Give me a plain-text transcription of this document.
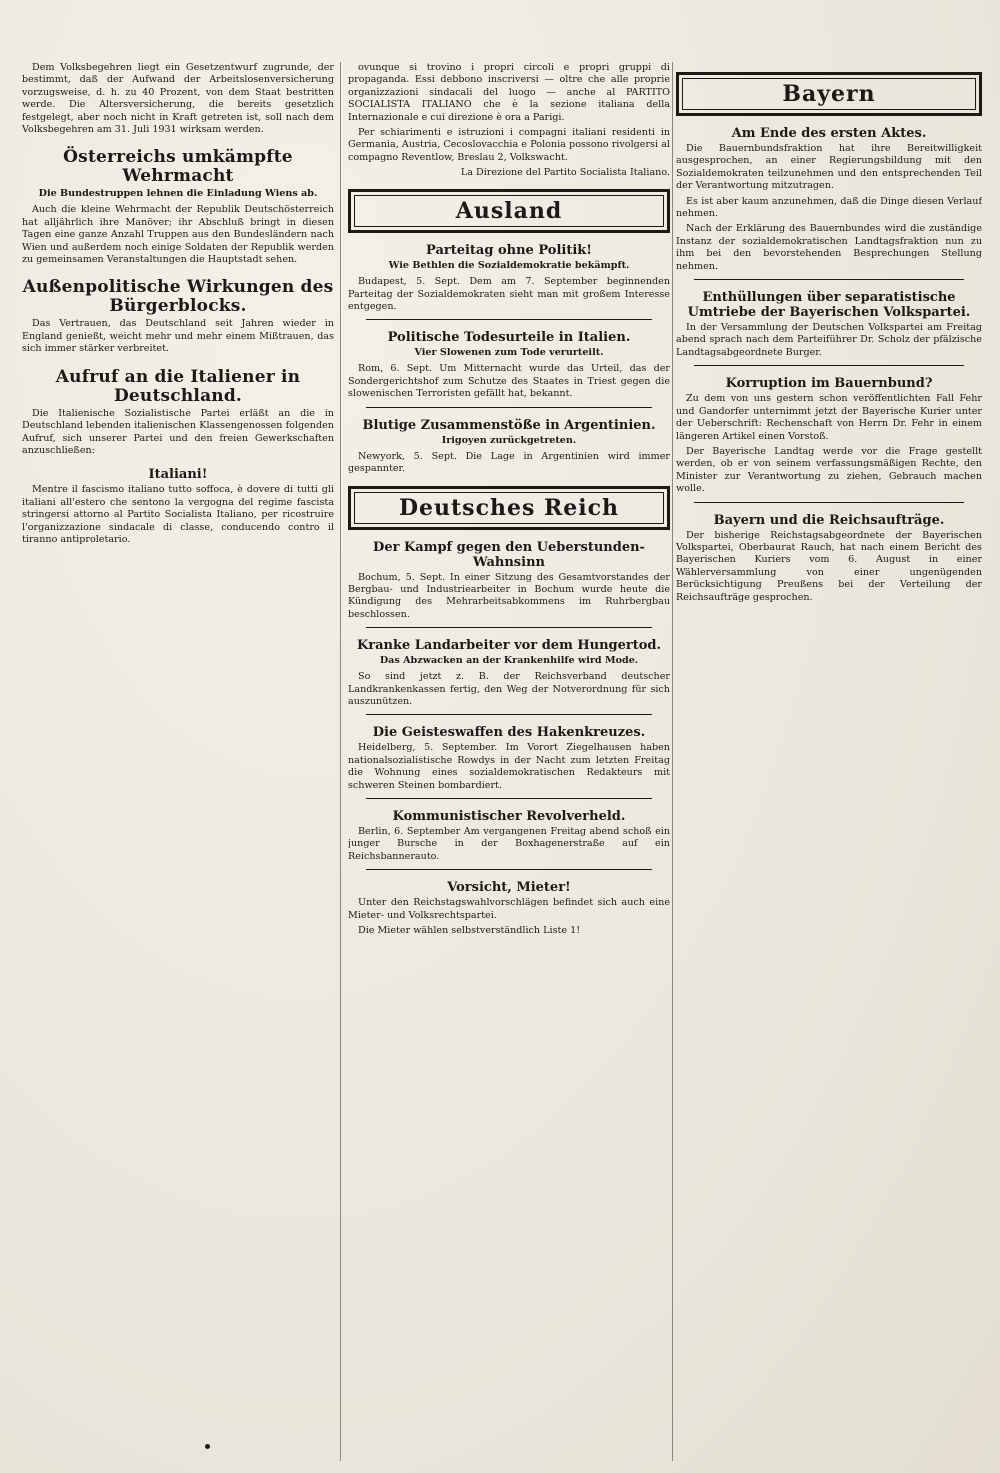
Dem Volksbegehren liegt ein Gesetzentwurf zugrunde, der bestimmt, daß der Aufwand der Arbeitslosenversicherung vorzugsweise, d. h. zu 40 Prozent, von dem Staat bestritten werde. Die Altersversicherung, die bereits gesetzlich festgelegt, aber noch nicht in Kraft getreten ist, soll nach dem Volksbegehren am 31. Juli 1931 wirksam werden.

Österreichs umkämpfte Wehrmacht
Die Bundestruppen lehnen die Einladung Wiens ab.

Auch die kleine Wehrmacht der Republik Deutschösterreich hat alljährlich ihre Manöver; ihr Abschluß bringt in diesen Tagen eine ganze Anzahl Truppen aus den Bundesländern nach Wien und außerdem noch einige Soldaten der Republik werden zu gemeinsamen Veranstaltungen die Hauptstadt sehen.

Außenpolitische Wirkungen des Bürgerblocks.

Das Vertrauen, das Deutschland seit Jahren wieder in England genießt, weicht mehr und mehr einem Mißtrauen, das sich immer stärker verbreitet.

Aufruf an die Italiener in Deutschland.

Die Italienische Sozialistische Partei erläßt an die in Deutschland lebenden italienischen Klassengenossen folgenden Aufruf, sich unserer Partei und den freien Gewerkschaften anzuschließen:

Italiani!

Mentre il fascismo italiano tutto soffoca, è dovere di tutti gli italiani all'estero che sentono la vergogna del regime fascista stringersi attorno al Partito Socialista Italiano, per ricostruire l'organizzazione sindacale di classe, conducendo contro il tiranno antiproletario.

ovunque si trovino i propri circoli e propri gruppi di propaganda. Essi debbono inscriversi — oltre che alle proprie organizzazioni sindacali del luogo — anche al PARTITO SOCIALISTA ITALIANO che è la sezione italiana della Internazionale e cui direzione è ora a Parigi.

Per schiarimenti e istruzioni i compagni italiani residenti in Germania, Austria, Cecoslovacchia e Polonia possono rivolgersi al compagno Reventlow, Breslau 2, Volkswacht.

La Direzione del Partito Socialista Italiano.
Ausland
Parteitag ohne Politik!
Wie Bethlen die Sozialdemokratie bekämpft.

Budapest, 5. Sept. Dem am 7. September beginnenden Parteitag der Sozialdemokraten sieht man mit großem Interesse entgegen.

Politische Todesurteile in Italien.
Vier Slowenen zum Tode verurteilt.

Rom, 6. Sept. Um Mitternacht wurde das Urteil, das der Sondergerichtshof zum Schutze des Staates in Triest gegen die slowenischen Terroristen gefällt hat, bekannt.

Blutige Zusammenstöße in Argentinien.
Irigoyen zurückgetreten.

Newyork, 5. Sept. Die Lage in Argentinien wird immer gespannter.

Deutsches Reich
Der Kampf gegen den Ueberstunden-Wahnsinn

Bochum, 5. Sept. In einer Sitzung des Gesamtvorstandes der Bergbau- und Industriearbeiter in Bochum wurde heute die Kündigung des Mehrarbeitsabkommens im Ruhrbergbau beschlossen.

Kranke Landarbeiter vor dem Hungertod.
Das Abzwacken an der Krankenhilfe wird Mode.

So sind jetzt z. B. der Reichsverband deutscher Landkrankenkassen fertig, den Weg der Notverordnung für sich auszunützen.

Die Geisteswaffen des Hakenkreuzes.

Heidelberg, 5. September. Im Vorort Ziegelhausen haben nationalsozialistische Rowdys in der Nacht zum letzten Freitag die Wohnung eines sozialdemokratischen Redakteurs mit schweren Steinen bombardiert.

Kommunistischer Revolverheld.

Berlin, 6. September Am vergangenen Freitag abend schoß ein junger Bursche in der Boxhagenerstraße auf ein Reichsbannerauto.

Vorsicht, Mieter!

Unter den Reichstagswahlvorschlägen befindet sich auch eine Mieter- und Volksrechtspartei.

Die Mieter wählen selbstverständlich Liste 1!

Bayern
Am Ende des ersten Aktes.

Die Bauernbundsfraktion hat ihre Bereitwilligkeit ausgesprochen, an einer Regierungsbildung mit den Sozialdemokraten teilzunehmen und den entsprechenden Teil der Verantwortung mitzutragen.

Es ist aber kaum anzunehmen, daß die Dinge diesen Verlauf nehmen.

Nach der Erklärung des Bauernbundes wird die zuständige Instanz der sozialdemokratischen Landtagsfraktion nun zu ihm bei den bevorstehenden Besprechungen Stellung nehmen.

Enthüllungen über separatistische Umtriebe der Bayerischen Volkspartei.

In der Versammlung der Deutschen Volkspartei am Freitag abend sprach nach dem Parteiführer Dr. Scholz der pfälzische Landtagsabgeordnete Burger.

Korruption im Bauernbund?

Zu dem von uns gestern schon veröffentlichten Fall Fehr und Gandorfer unternimmt jetzt der Bayerische Kurier unter der Ueberschrift: Rechenschaft von Herrn Dr. Fehr in einem längeren Artikel einen Vorstoß.

Der Bayerische Landtag werde vor die Frage gestellt werden, ob er von seinem verfassungsmäßigen Rechte, den Minister zur Verantwortung zu ziehen, Gebrauch machen wolle.

Bayern und die Reichsaufträge.

Der bisherige Reichstagsabgeordnete der Bayerischen Volkspartei, Oberbaurat Rauch, hat nach einem Bericht des Bayerischen Kuriers vom 6. August in einer Wählerversammlung von einer ungenügenden Berücksichtigung Preußens bei der Verteilung der Reichsaufträge gesprochen.
